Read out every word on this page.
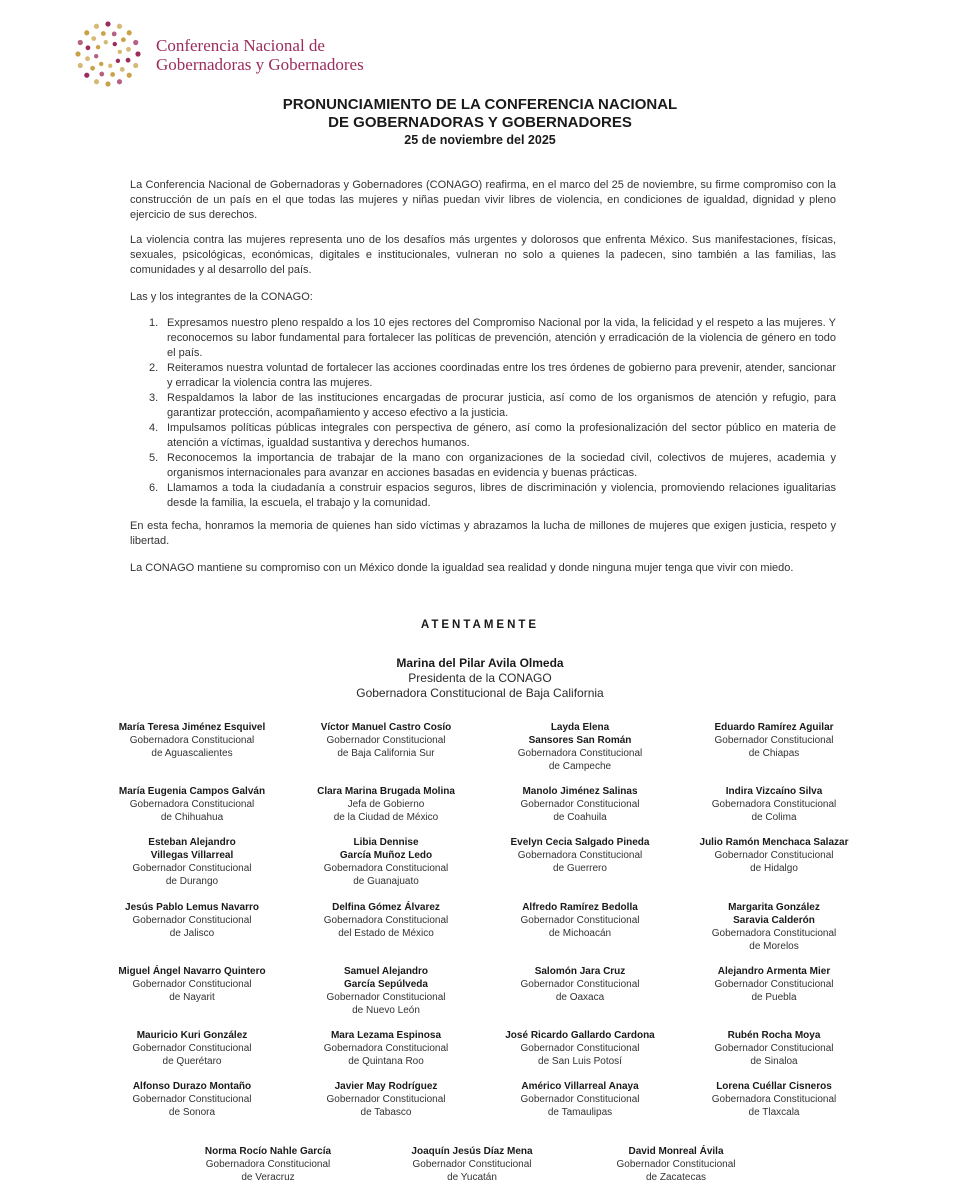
Conferencia Nacional de
Gobernadoras y Gobernadores
PRONUNCIAMIENTO DE LA CONFERENCIA NACIONAL
DE GOBERNADORAS Y GOBERNADORES
25 de noviembre del 2025

La Conferencia Nacional de Gobernadoras y Gobernadores (CONAGO) reafirma, en el marco del 25 de noviembre, su firme compromiso con la construcción de un país en el que todas las mujeres y niñas puedan vivir libres de violencia, en condiciones de igualdad, dignidad y pleno ejercicio de sus derechos.

La violencia contra las mujeres representa uno de los desafíos más urgentes y dolorosos que enfrenta México. Sus manifestaciones, físicas, sexuales, psicológicas, económicas, digitales e institucionales, vulneran no solo a quienes la padecen, sino también a las familias, las comunidades y al desarrollo del país.

Las y los integrantes de la CONAGO:

1. Expresamos nuestro pleno respaldo a los 10 ejes rectores del Compromiso Nacional por la vida, la felicidad y el respeto a las mujeres. Y reconocemos su labor fundamental para fortalecer las políticas de prevención, atención y erradicación de la violencia de género en todo el país.
2. Reiteramos nuestra voluntad de fortalecer las acciones coordinadas entre los tres órdenes de gobierno para prevenir, atender, sancionar y erradicar la violencia contra las mujeres.
3. Respaldamos la labor de las instituciones encargadas de procurar justicia, así como de los organismos de atención y refugio, para garantizar protección, acompañamiento y acceso efectivo a la justicia.
4. Impulsamos políticas públicas integrales con perspectiva de género, así como la profesionalización del sector público en materia de atención a víctimas, igualdad sustantiva y derechos humanos.
5. Reconocemos la importancia de trabajar de la mano con organizaciones de la sociedad civil, colectivos de mujeres, academia y organismos internacionales para avanzar en acciones basadas en evidencia y buenas prácticas.
6. Llamamos a toda la ciudadanía a construir espacios seguros, libres de discriminación y violencia, promoviendo relaciones igualitarias desde la familia, la escuela, el trabajo y la comunidad.

En esta fecha, honramos la memoria de quienes han sido víctimas y abrazamos la lucha de millones de mujeres que exigen justicia, respeto y libertad.

La CONAGO mantiene su compromiso con un México donde la igualdad sea realidad y donde ninguna mujer tenga que vivir con miedo.

ATENTAMENTE
Marina del Pilar Avila Olmeda
Presidenta de la CONAGO
Gobernadora Constitucional de Baja California
María Teresa Jiménez Esquivel
Gobernadora Constitucional
de Aguascalientes
Víctor Manuel Castro Cosío
Gobernador Constitucional
de Baja California Sur
Layda Elena
Sansores San Román
Gobernadora Constitucional
de Campeche
Eduardo Ramírez Aguilar
Gobernador Constitucional
de Chiapas
María Eugenia Campos Galván
Gobernadora Constitucional
de Chihuahua
Clara Marina Brugada Molina
Jefa de Gobierno
de la Ciudad de México
Manolo Jiménez Salinas
Gobernador Constitucional
de Coahuila
Indira Vizcaíno Silva
Gobernadora Constitucional
de Colima
Esteban Alejandro
Villegas Villarreal
Gobernador Constitucional
de Durango
Libia Dennise
García Muñoz Ledo
Gobernadora Constitucional
de Guanajuato
Evelyn Cecia Salgado Pineda
Gobernadora Constitucional
de Guerrero
Julio Ramón Menchaca Salazar
Gobernador Constitucional
de Hidalgo
Jesús Pablo Lemus Navarro
Gobernador Constitucional
de Jalisco
Delfina Gómez Álvarez
Gobernadora Constitucional
del Estado de México
Alfredo Ramírez Bedolla
Gobernador Constitucional
de Michoacán
Margarita González
Saravia Calderón
Gobernadora Constitucional
de Morelos
Miguel Ángel Navarro Quintero
Gobernador Constitucional
de Nayarit
Samuel Alejandro
García Sepúlveda
Gobernador Constitucional
de Nuevo León
Salomón Jara Cruz
Gobernador Constitucional
de Oaxaca
Alejandro Armenta Mier
Gobernador Constitucional
de Puebla
Mauricio Kuri González
Gobernador Constitucional
de Querétaro
Mara Lezama Espinosa
Gobernadora Constitucional
de Quintana Roo
José Ricardo Gallardo Cardona
Gobernador Constitucional
de San Luis Potosí
Rubén Rocha Moya
Gobernador Constitucional
de Sinaloa
Alfonso Durazo Montaño
Gobernador Constitucional
de Sonora
Javier May Rodríguez
Gobernador Constitucional
de Tabasco
Américo Villarreal Anaya
Gobernador Constitucional
de Tamaulipas
Lorena Cuéllar Cisneros
Gobernadora Constitucional
de Tlaxcala
Norma Rocío Nahle García
Gobernadora Constitucional
de Veracruz
Joaquín Jesús Díaz Mena
Gobernador Constitucional
de Yucatán
David Monreal Ávila
Gobernador Constitucional
de Zacatecas
